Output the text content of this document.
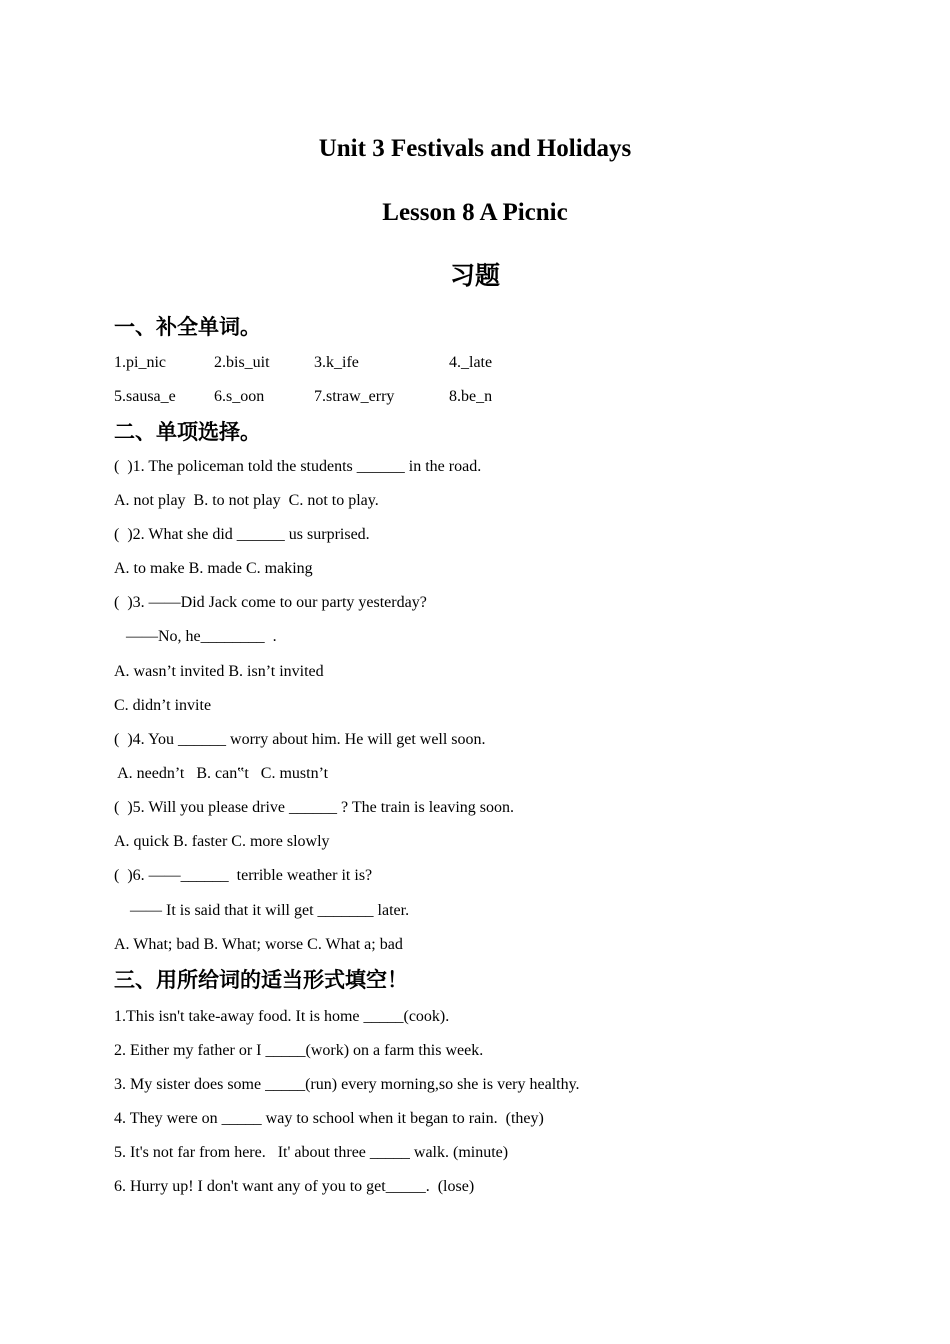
Unit 3 Festivals and Holidays
Lesson 8 A Picnic
习题
一、补全单词。
1.pi_nic	2.bis_uit	3.k_ife	4._late
5.sausa_e 6.s_oon	7.straw_erry	8.be_n
二、单项选择。
(  )1. The policeman told the students ______ in the road.
A. not play  B. to not play  C. not to play.
(  )2. What she did ______ us surprised.
A. to make B. made C. making
(  )3. ——Did Jack come to our party yesterday?
——No, he________  .
A. wasn’t invited B. isn’t invited
C. didn’t invite
(  )4. You ______ worry about him. He will get well soon.
A. needn’t   B. can‟t   C. mustn’t
(  )5. Will you please drive ______ ? The train is leaving soon.
A. quick B. faster C. more slowly
(  )6. ——______  terrible weather it is?
—— It is said that it will get _______ later.
A. What; bad B. What; worse C. What a; bad
三、用所给词的适当形式填空！
1.This isn't take-away food. It is home _____(cook).
2. Either my father or I _____(work) on a farm this week.
3. My sister does some _____(run) every morning,so she is very healthy.
4. They were on _____ way to school when it began to rain.  (they)
5. It's not far from here.   It' about three _____ walk. (minute)
6. Hurry up! I don't want any of you to get_____.  (lose)
